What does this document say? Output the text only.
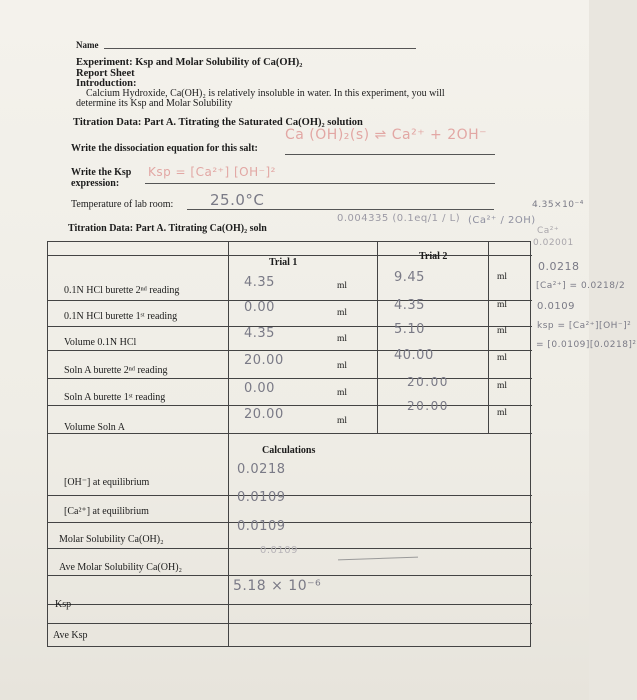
Name
Experiment: Ksp and Molar Solubility of Ca(OH)₂
Report Sheet
Introduction:
Calcium Hydroxide, Ca(OH)₂ is relatively insoluble in water. In this experiment, you will
determine its Ksp and Molar Solubility
Titration Data: Part A. Titrating the Saturated Ca(OH)₂ solution
Write the dissociation equation for this salt:
Ca (OH)₂(s) ⇌ Ca²⁺ + 2OH⁻
Write the Ksp
expression:
Ksp = [Ca²⁺] [OH⁻]²
Temperature of lab room: 25.0°C
Titration Data: Part A. Titrating Ca(OH)₂ soln
0.004335 (0.1eq/1 / L) (Ca²⁺ / 2OH)
4.35×10⁻⁴
Ca²⁺
0.02001
0.0218
[Ca²⁺] = 0.0218/2
0.0109
ksp = [Ca²⁺][OH⁻]²
= [0.0109][0.0218]²
Trial 1
Trial 2
Calculations
0.1N HCl burette 2ⁿᵈ reading
0.1N HCl burette 1ˢᵗ reading
Volume 0.1N HCl
Soln A burette 2ⁿᵈ reading
Soln A burette 1ˢᵗ reading
Volume Soln A
[OH⁻] at equilibrium
[Ca²⁺] at equilibrium
Molar Solubility Ca(OH)₂
Ave Molar Solubility Ca(OH)₂
Ksp
Ave Ksp
4.35
0.00
4.35
20.00
0.00
20.00
ml
ml
ml
ml
ml
ml
9.45
4.35
5.10
40.00
20.00
20.00
ml
ml
ml
ml
ml
ml
0.0218
0.0109
0.0109
0.0109
5.18 × 10⁻⁶
